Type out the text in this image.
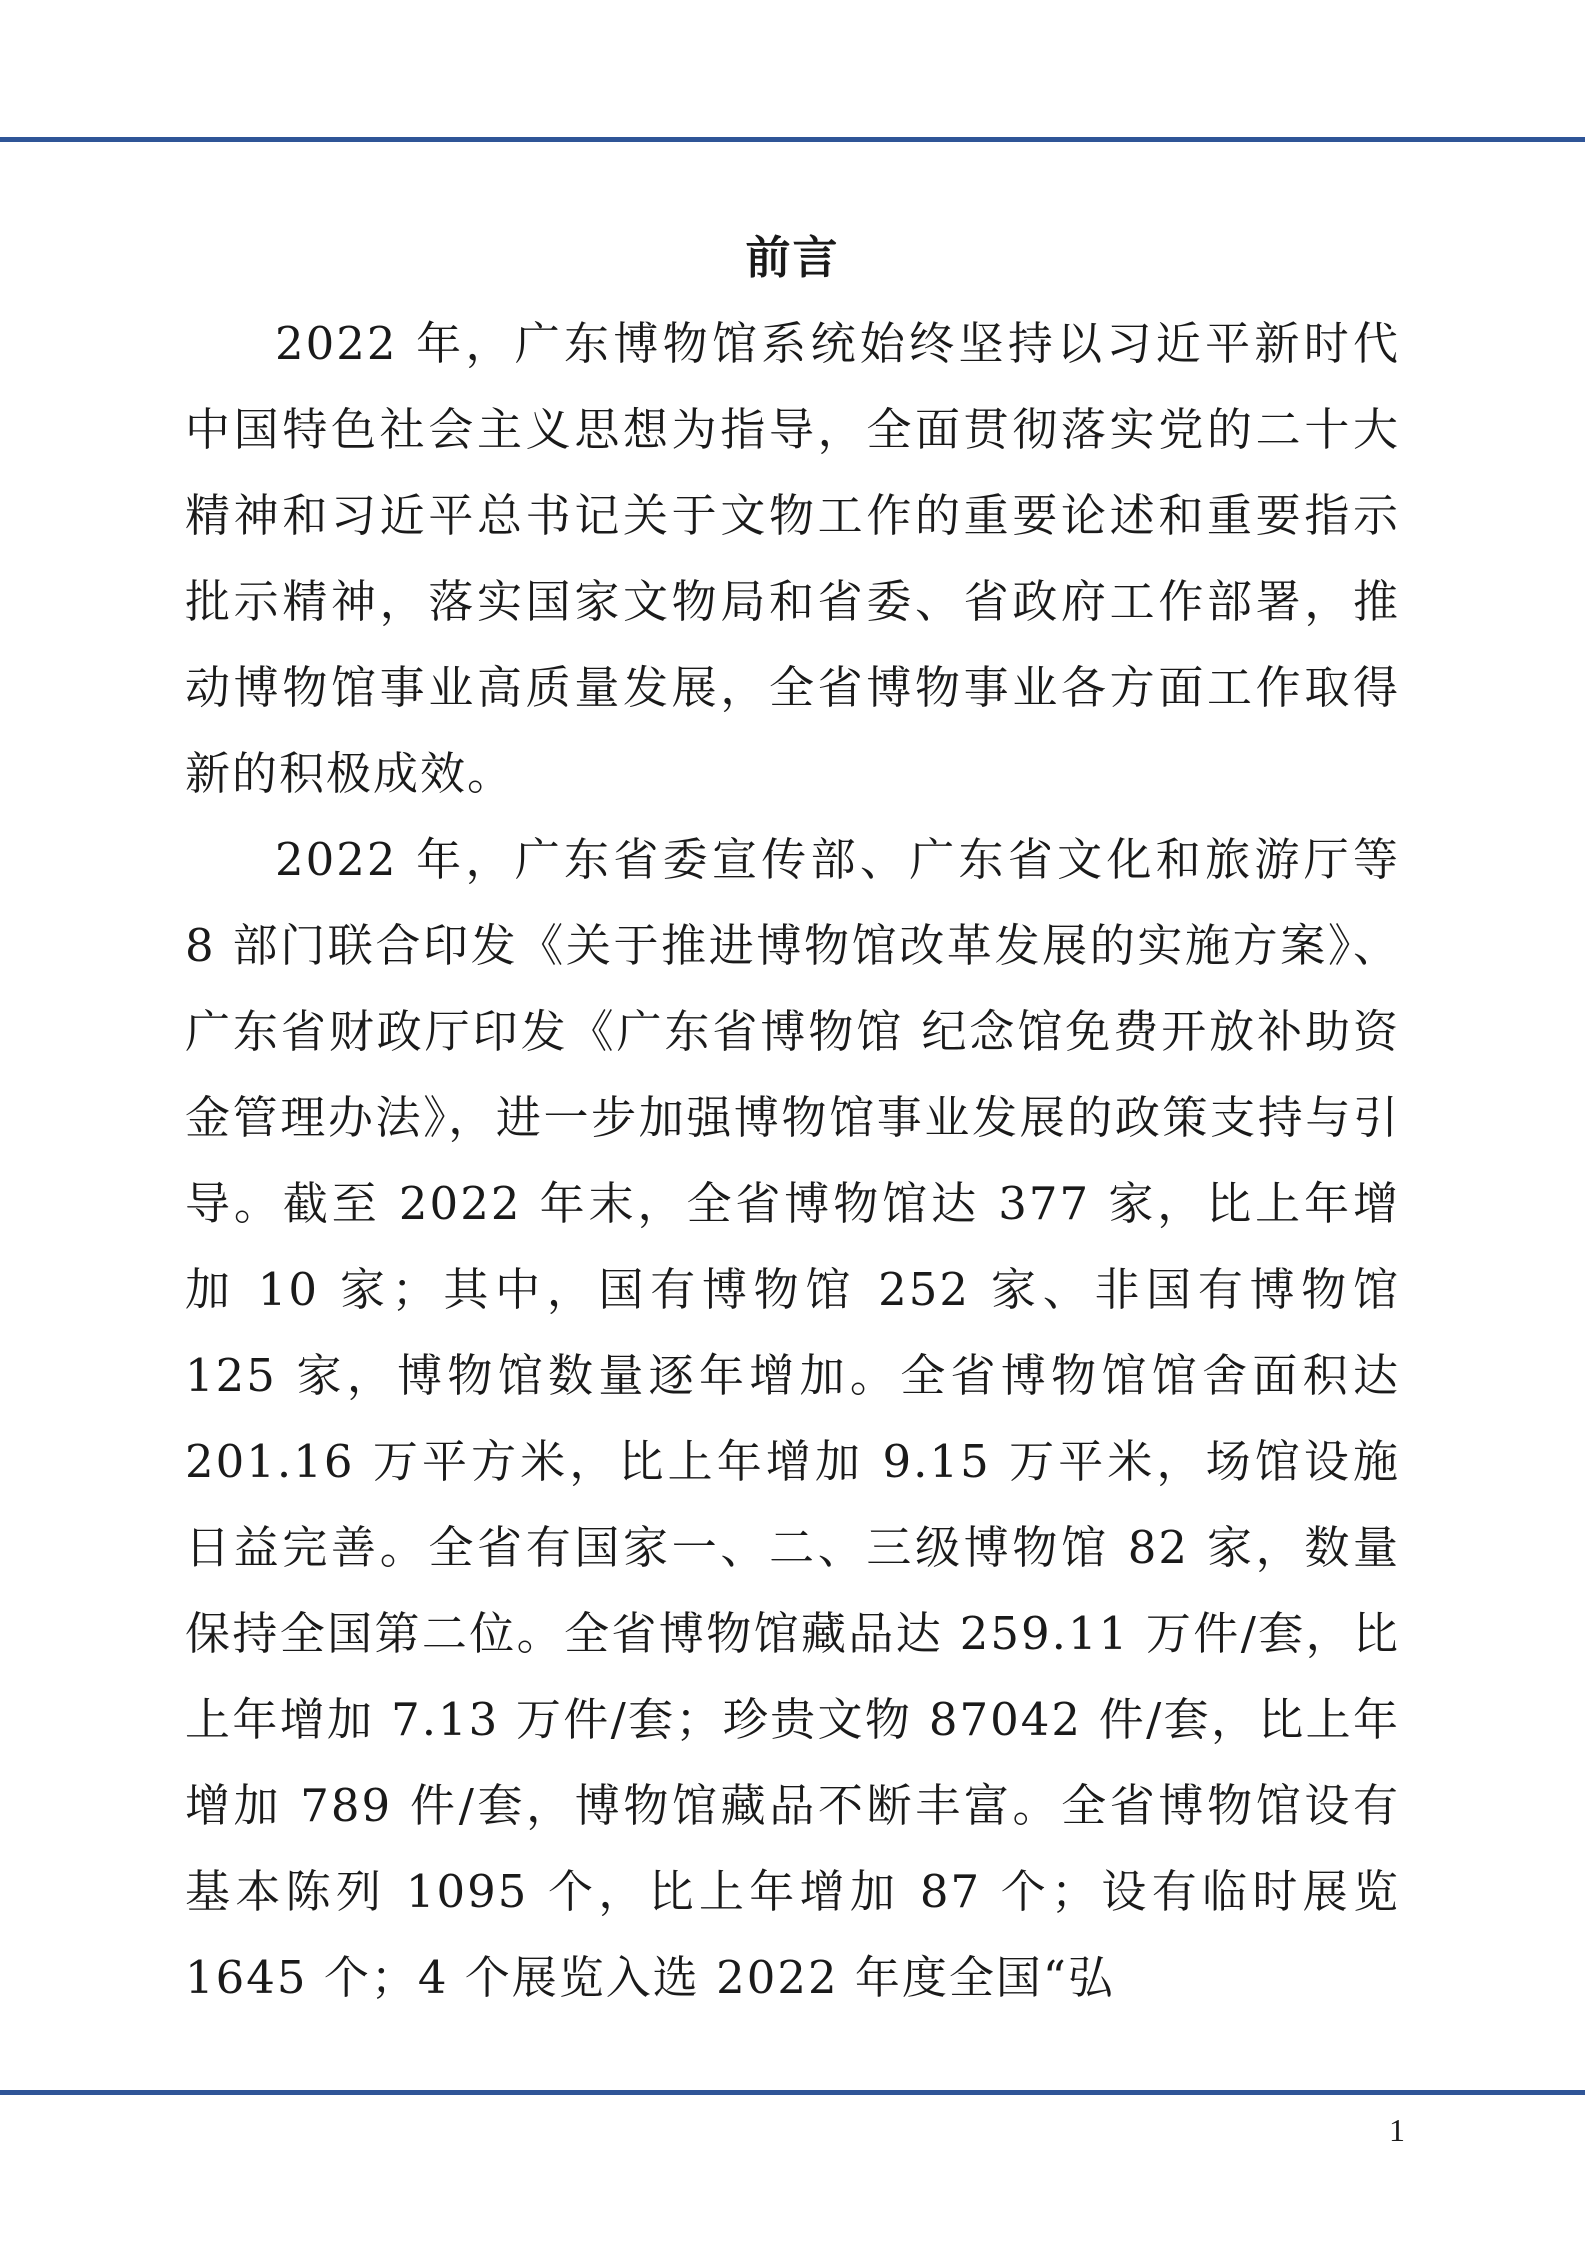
前言

2022 年，广东博物馆系统始终坚持以习近平新时代中国特色社会主义思想为指导，全面贯彻落实党的二十大精神和习近平总书记关于文物工作的重要论述和重要指示批示精神，落实国家文物局和省委、省政府工作部署，推动博物馆事业高质量发展，全省博物事业各方面工作取得新的积极成效。

2022 年，广东省委宣传部、广东省文化和旅游厅等 8 部门联合印发《关于推进博物馆改革发展的实施方案》、广东省财政厅印发《广东省博物馆 纪念馆免费开放补助资金管理办法》，进一步加强博物馆事业发展的政策支持与引导。截至 2022 年末，全省博物馆达 377 家，比上年增加 10 家；其中，国有博物馆 252 家、非国有博物馆 125 家，博物馆数量逐年增加。全省博物馆馆舍面积达 201.16 万平方米，比上年增加 9.15 万平米，场馆设施日益完善。全省有国家一、二、三级博物馆 82 家，数量保持全国第二位。全省博物馆藏品达 259.11 万件/套，比上年增加 7.13 万件/套；珍贵文物 87042 件/套，比上年增加 789 件/套，博物馆藏品不断丰富。全省博物馆设有基本陈列 1095 个，比上年增加 87 个；设有临时展览 1645 个；4 个展览入选 2022 年度全国“弘

1
